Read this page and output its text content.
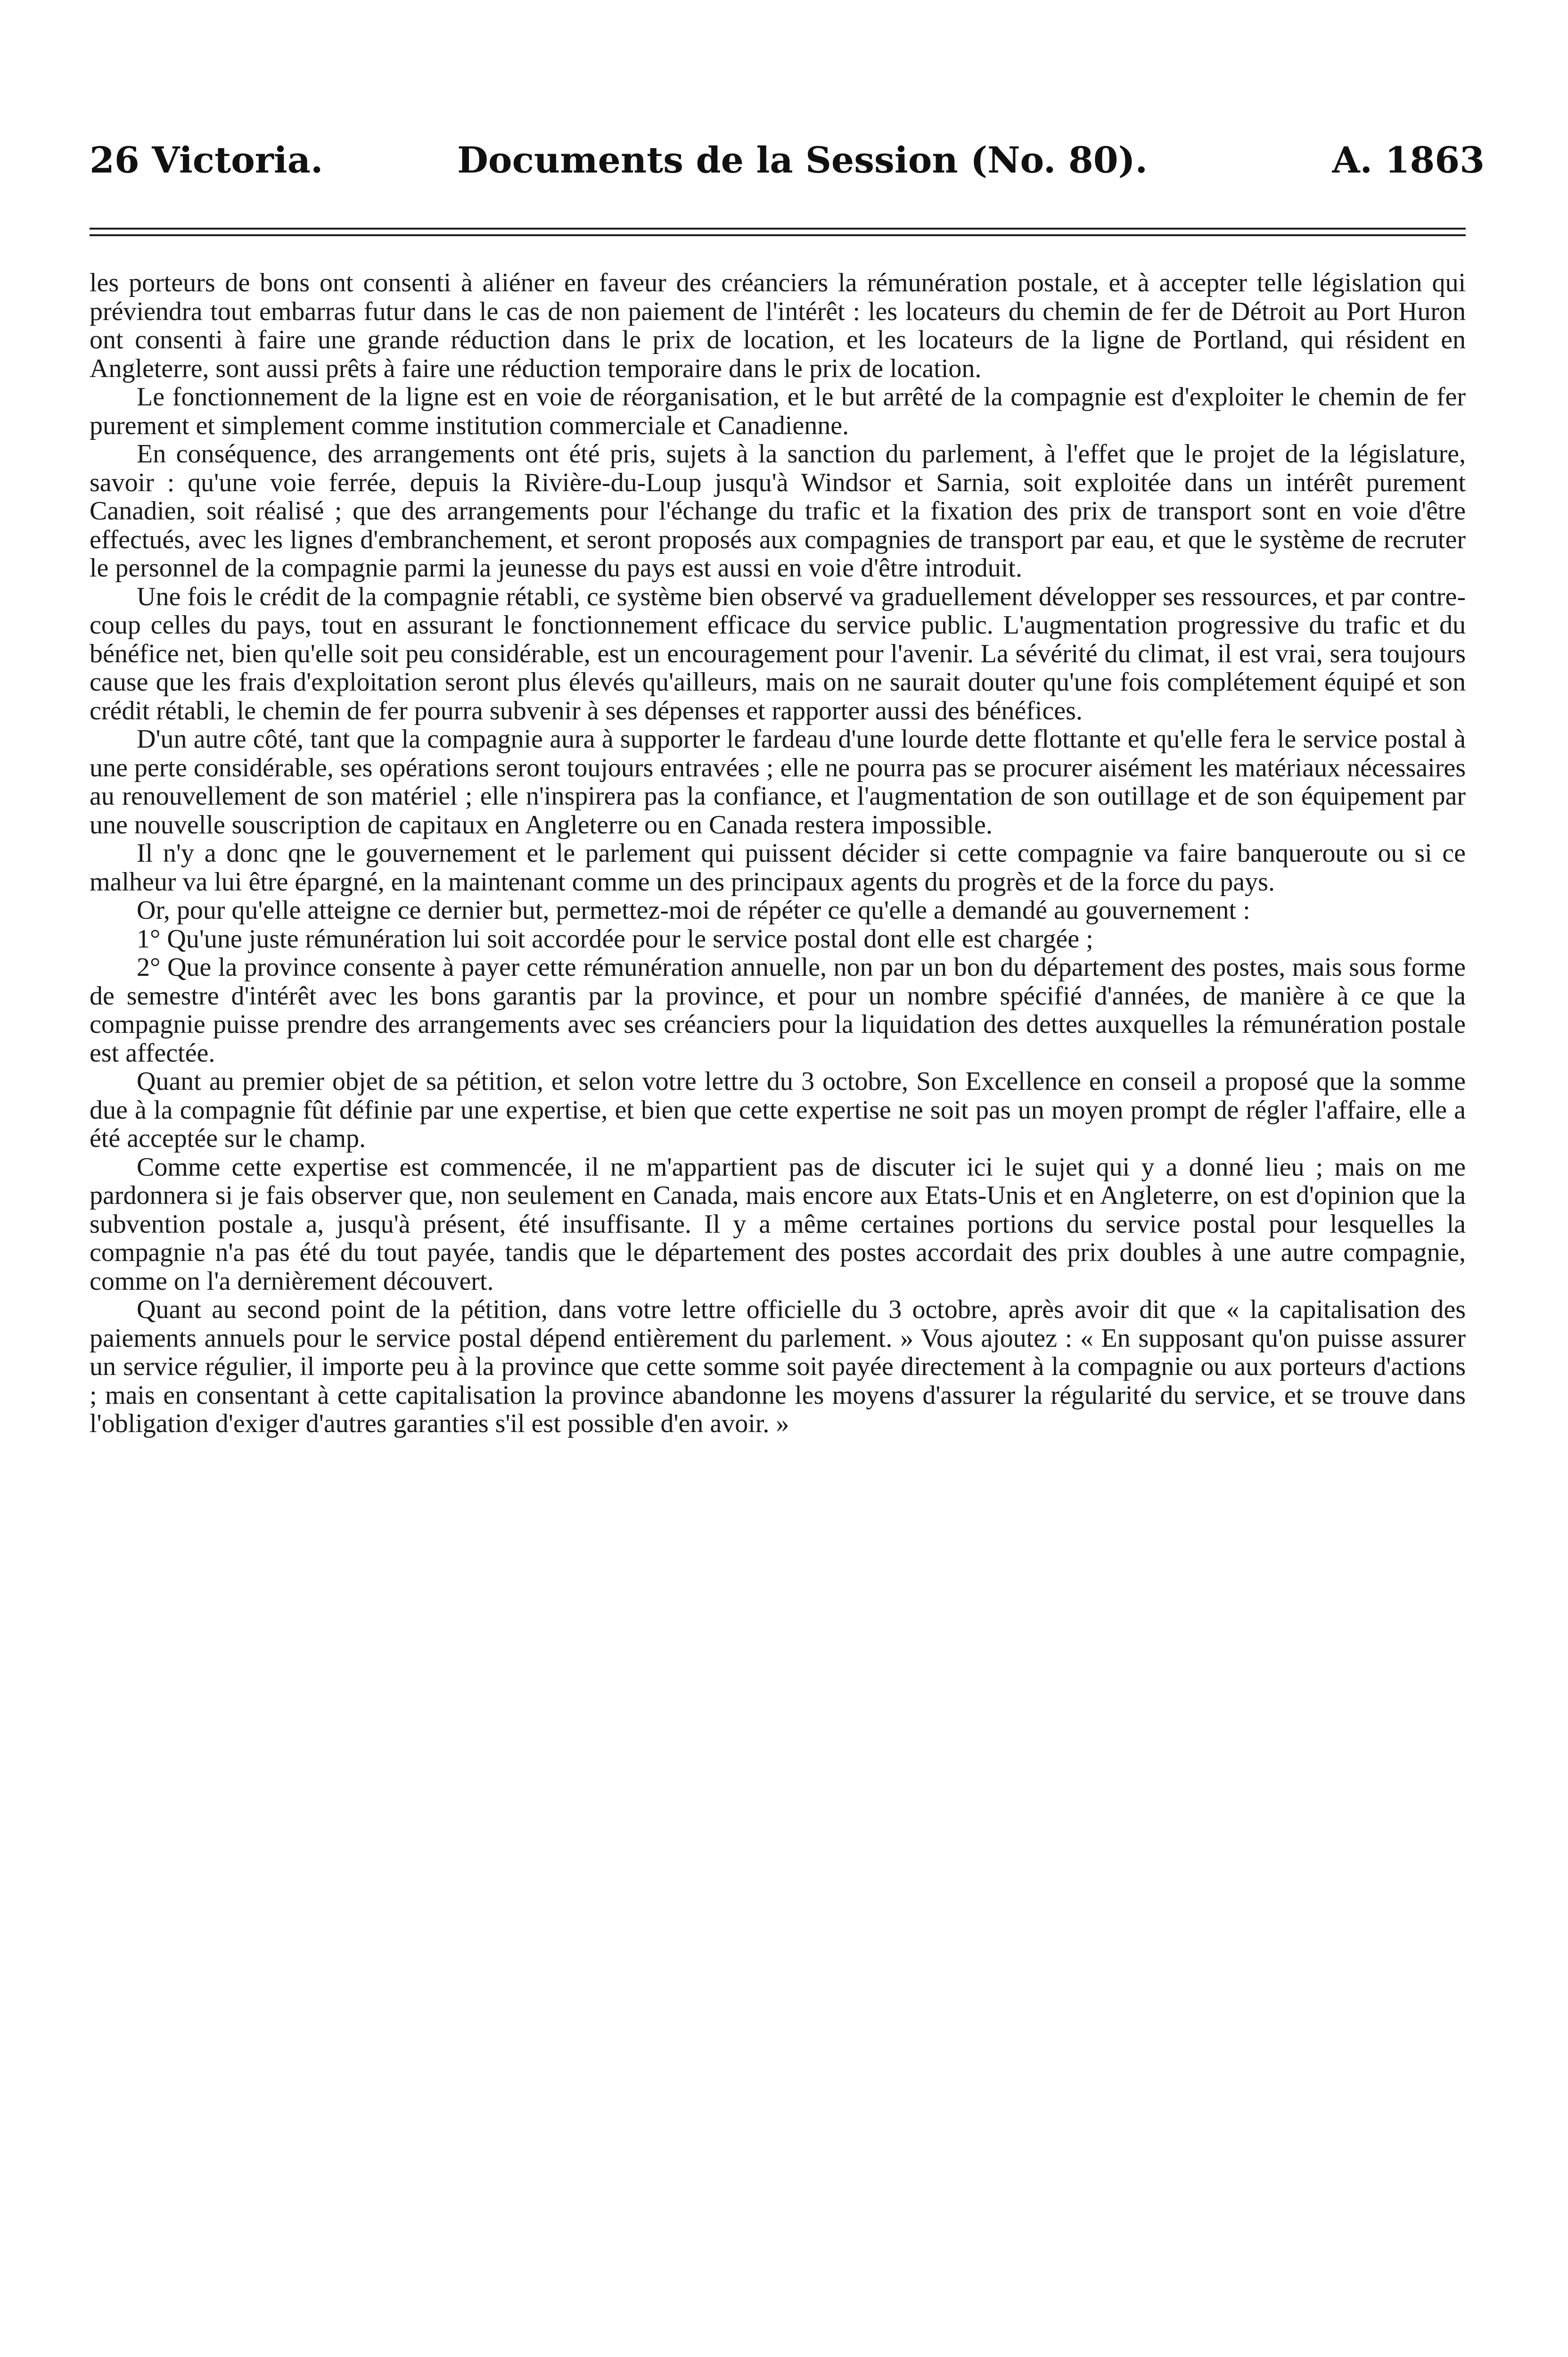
26 Victoria.	Documents de la Session (No. 80).	A. 1863

les porteurs de bons ont consenti à aliéner en faveur des créanciers la rémunération postale, et à accepter telle législation qui préviendra tout embarras futur dans le cas de non paiement de l'intérêt : les locateurs du chemin de fer de Détroit au Port Huron ont consenti à faire une grande réduction dans le prix de location, et les locateurs de la ligne de Portland, qui résident en Angleterre, sont aussi prêts à faire une réduction temporaire dans le prix de location.

Le fonctionnement de la ligne est en voie de réorganisation, et le but arrêté de la compagnie est d'exploiter le chemin de fer purement et simplement comme institution commerciale et Canadienne.

En conséquence, des arrangements ont été pris, sujets à la sanction du parlement, à l'effet que le projet de la législature, savoir : qu'une voie ferrée, depuis la Rivière-du-Loup jusqu'à Windsor et Sarnia, soit exploitée dans un intérêt purement Canadien, soit réalisé ; que des arrangements pour l'échange du trafic et la fixation des prix de transport sont en voie d'être effectués, avec les lignes d'embranchement, et seront proposés aux compagnies de transport par eau, et que le système de recruter le personnel de la compagnie parmi la jeunesse du pays est aussi en voie d'être introduit.

Une fois le crédit de la compagnie rétabli, ce système bien observé va graduellement développer ses ressources, et par contre-coup celles du pays, tout en assurant le fonctionnement efficace du service public. L'augmentation progressive du trafic et du bénéfice net, bien qu'elle soit peu considérable, est un encouragement pour l'avenir. La sévérité du climat, il est vrai, sera toujours cause que les frais d'exploitation seront plus élevés qu'ailleurs, mais on ne saurait douter qu'une fois complétement équipé et son crédit rétabli, le chemin de fer pourra subvenir à ses dépenses et rapporter aussi des bénéfices.

D'un autre côté, tant que la compagnie aura à supporter le fardeau d'une lourde dette flottante et qu'elle fera le service postal à une perte considérable, ses opérations seront toujours entravées ; elle ne pourra pas se procurer aisément les matériaux nécessaires au renouvellement de son matériel ; elle n'inspirera pas la confiance, et l'augmentation de son outillage et de son équipement par une nouvelle souscription de capitaux en Angleterre ou en Canada restera impossible.

Il n'y a donc qne le gouvernement et le parlement qui puissent décider si cette compagnie va faire banqueroute ou si ce malheur va lui être épargné, en la maintenant comme un des principaux agents du progrès et de la force du pays.

Or, pour qu'elle atteigne ce dernier but, permettez-moi de répéter ce qu'elle a demandé au gouvernement :

1° Qu'une juste rémunération lui soit accordée pour le service postal dont elle est chargée ;

2° Que la province consente à payer cette rémunération annuelle, non par un bon du département des postes, mais sous forme de semestre d'intérêt avec les bons garantis par la province, et pour un nombre spécifié d'années, de manière à ce que la compagnie puisse prendre des arrangements avec ses créanciers pour la liquidation des dettes auxquelles la rémunération postale est affectée.

Quant au premier objet de sa pétition, et selon votre lettre du 3 octobre, Son Excellence en conseil a proposé que la somme due à la compagnie fût définie par une expertise, et bien que cette expertise ne soit pas un moyen prompt de régler l'affaire, elle a été acceptée sur le champ.

Comme cette expertise est commencée, il ne m'appartient pas de discuter ici le sujet qui y a donné lieu ; mais on me pardonnera si je fais observer que, non seulement en Canada, mais encore aux Etats-Unis et en Angleterre, on est d'opinion que la subvention postale a, jusqu'à présent, été insuffisante. Il y a même certaines portions du service postal pour lesquelles la compagnie n'a pas été du tout payée, tandis que le département des postes accordait des prix doubles à une autre compagnie, comme on l'a dernièrement découvert.

Quant au second point de la pétition, dans votre lettre officielle du 3 octobre, après avoir dit que « la capitalisation des paiements annuels pour le service postal dépend entièrement du parlement. » Vous ajoutez : « En supposant qu'on puisse assurer un service régulier, il importe peu à la province que cette somme soit payée directement à la compagnie ou aux porteurs d'actions ; mais en consentant à cette capitalisation la province abandonne les moyens d'assurer la régularité du service, et se trouve dans l'obligation d'exiger d'autres garanties s'il est possible d'en avoir. »
